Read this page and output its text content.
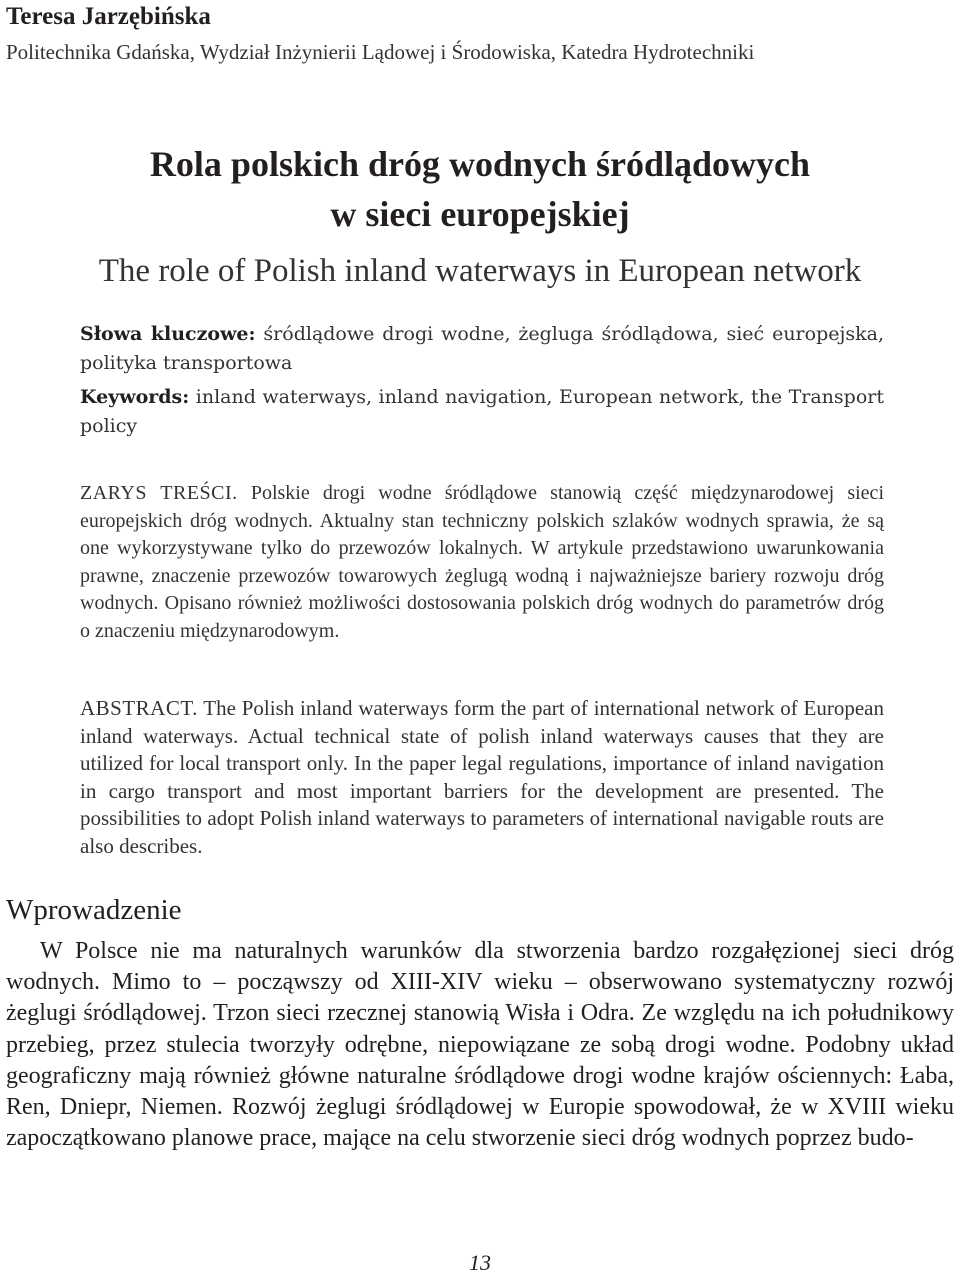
Teresa Jarzębińska
Politechnika Gdańska, Wydział Inżynierii Lądowej i Środowiska, Katedra Hydrotechniki
Rola polskich dróg wodnych śródlądowych
w sieci europejskiej
The role of Polish inland waterways in European network
Słowa kluczowe: śródlądowe drogi wodne, żegluga śródlądowa, sieć europejska, polityka transportowa
Keywords: inland waterways, inland navigation, European network, the Transport policy
ZARYS TREŚCI. Polskie drogi wodne śródlądowe stanowią część międzynarodowej sieci europejskich dróg wodnych. Aktualny stan techniczny polskich szlaków wodnych sprawia, że są one wykorzystywane tylko do przewozów lokalnych. W artykule przedstawiono uwarunkowania prawne, znaczenie przewozów towarowych żeglugą wodną i najważniejsze bariery rozwoju dróg wodnych. Opisano również możliwości dostosowania polskich dróg wodnych do parametrów dróg o znaczeniu międzynarodowym.
ABSTRACT. The Polish inland waterways form the part of international network of European inland waterways. Actual technical state of polish inland waterways causes that they are utilized for local transport only. In the paper legal regulations, importance of inland navigation in cargo transport and most important barriers for the development are presented. The possibilities to adopt Polish inland waterways to parameters of international navigable routs are also describes.
Wprowadzenie
W Polsce nie ma naturalnych warunków dla stworzenia bardzo rozgałęzionej sieci dróg wodnych. Mimo to – począwszy od XIII-XIV wieku – obserwowano systematyczny rozwój żeglugi śródlądowej. Trzon sieci rzecznej stanowią Wisła i Odra. Ze względu na ich południkowy przebieg, przez stulecia tworzyły odrębne, niepowiązane ze sobą drogi wodne. Podobny układ geograficzny mają również główne naturalne śródlądowe drogi wodne krajów ościennych: Łaba, Ren, Dniepr, Niemen. Rozwój żeglugi śródlądowej w Europie spowodował, że w XVIII wieku zapoczątkowano planowe prace, mające na celu stworzenie sieci dróg wodnych poprzez budo-
13
